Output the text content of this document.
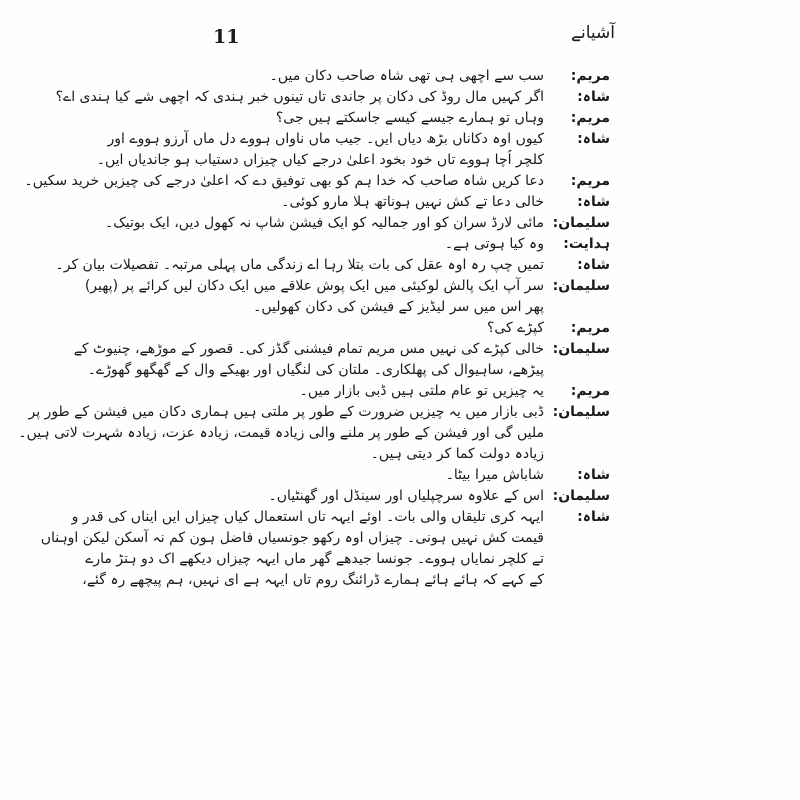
11	آشیانے
مریم:
سب سے اچھی ہی تھی شاہ صاحب دکان میں۔
شاہ:
اگر کہیں مال روڈ کی دکان پر جاندی تاں تینوں خبر ہندی کہ اچھی شے کیا ہندی اے؟
مریم:
وہاں تو ہمارے جیسے کیسے جاسکتے ہیں جی؟
شاہ:
کیوں اوہ دکاناں بڑھ دیاں ایں۔ جیب ماں ناواں ہووے دل ماں آرزو ہووے اور
کلچر اُچا ہووے تاں خود بخود اعلیٰ درجے کیاں چیزاں دستیاب ہو جاندیاں ایں۔
مریم:
دعا کریں شاہ صاحب کہ خدا ہم کو بھی توفیق دے کہ اعلیٰ درجے کی چیزیں خرید سکیں۔
شاہ:
خالی دعا تے کش نہیں ہوناتھ ہلا مارو کوئی۔
سلیمان:
مائی لارڈ سران کو اور جمالیہ کو ایک فیشن شاپ نہ کھول دیں، ایک بوتیک۔
ہدایت:
وہ کیا ہوتی ہے۔
شاہ:
تمیں چپ رہ اوہ عقل کی بات بتلا رہا اے زندگی ماں پہلی مرتبہ۔ تفصیلات بیان کر۔
سلیمان:
سر آپ ایک پالش لوکیئی میں ایک پوش علاقے میں ایک دکان لیں کرائے پر (پھیر)
پھر اس میں سر لیڈیز کے فیشن کی دکان کھولیں۔
مریم:
کپڑے کی؟
سلیمان:
خالی کپڑے کی نہیں مس مریم تمام فیشنی گڈز کی۔ قصور کے موڑھے، چنیوٹ کے
پیڑھے، ساہیوال کی پھلکاری۔ ملتان کی لنگیاں اور بھیکے وال کے گھگھو گھوڑے۔
مریم:
یہ چیزیں تو عام ملتی ہیں ڈبی بازار میں۔
سلیمان:
ڈبی بازار میں یہ چیزیں ضرورت کے طور پر ملتی ہیں ہماری دکان میں فیشن کے طور پر
ملیں گی اور فیشن کے طور پر ملنے والی زیادہ قیمت، زیادہ عزت، زیادہ شہرت لاتی ہیں۔
زیادہ دولت کما کر دیتی ہیں۔
شاہ:
شاباش میرا بیٹا۔
سلیمان:
اس کے علاوہ سرچپلیاں اور سینڈل اور گھنٹیاں۔
شاہ:
ایہہ کری تلیقاں والی بات۔ اوئے ایہہ تاں استعمال کیاں چیزاں ایں ایناں کی قدر و
قیمت کش نہیں ہونی۔ چیزاں اوہ رکھو جونسیاں فاضل ہون کم نہ آسکن لیکن اوہناں
تے کلچر نمایاں ہووے۔ جونسا جیدھے گھر ماں ایہہ چیزاں دیکھے اک دو ہتڑ مارے
کے کہے کہ ہائے ہائے ہمارے ڈرائنگ روم تاں ایہہ ہے ای نہیں، ہم پیچھے رہ گئے،
